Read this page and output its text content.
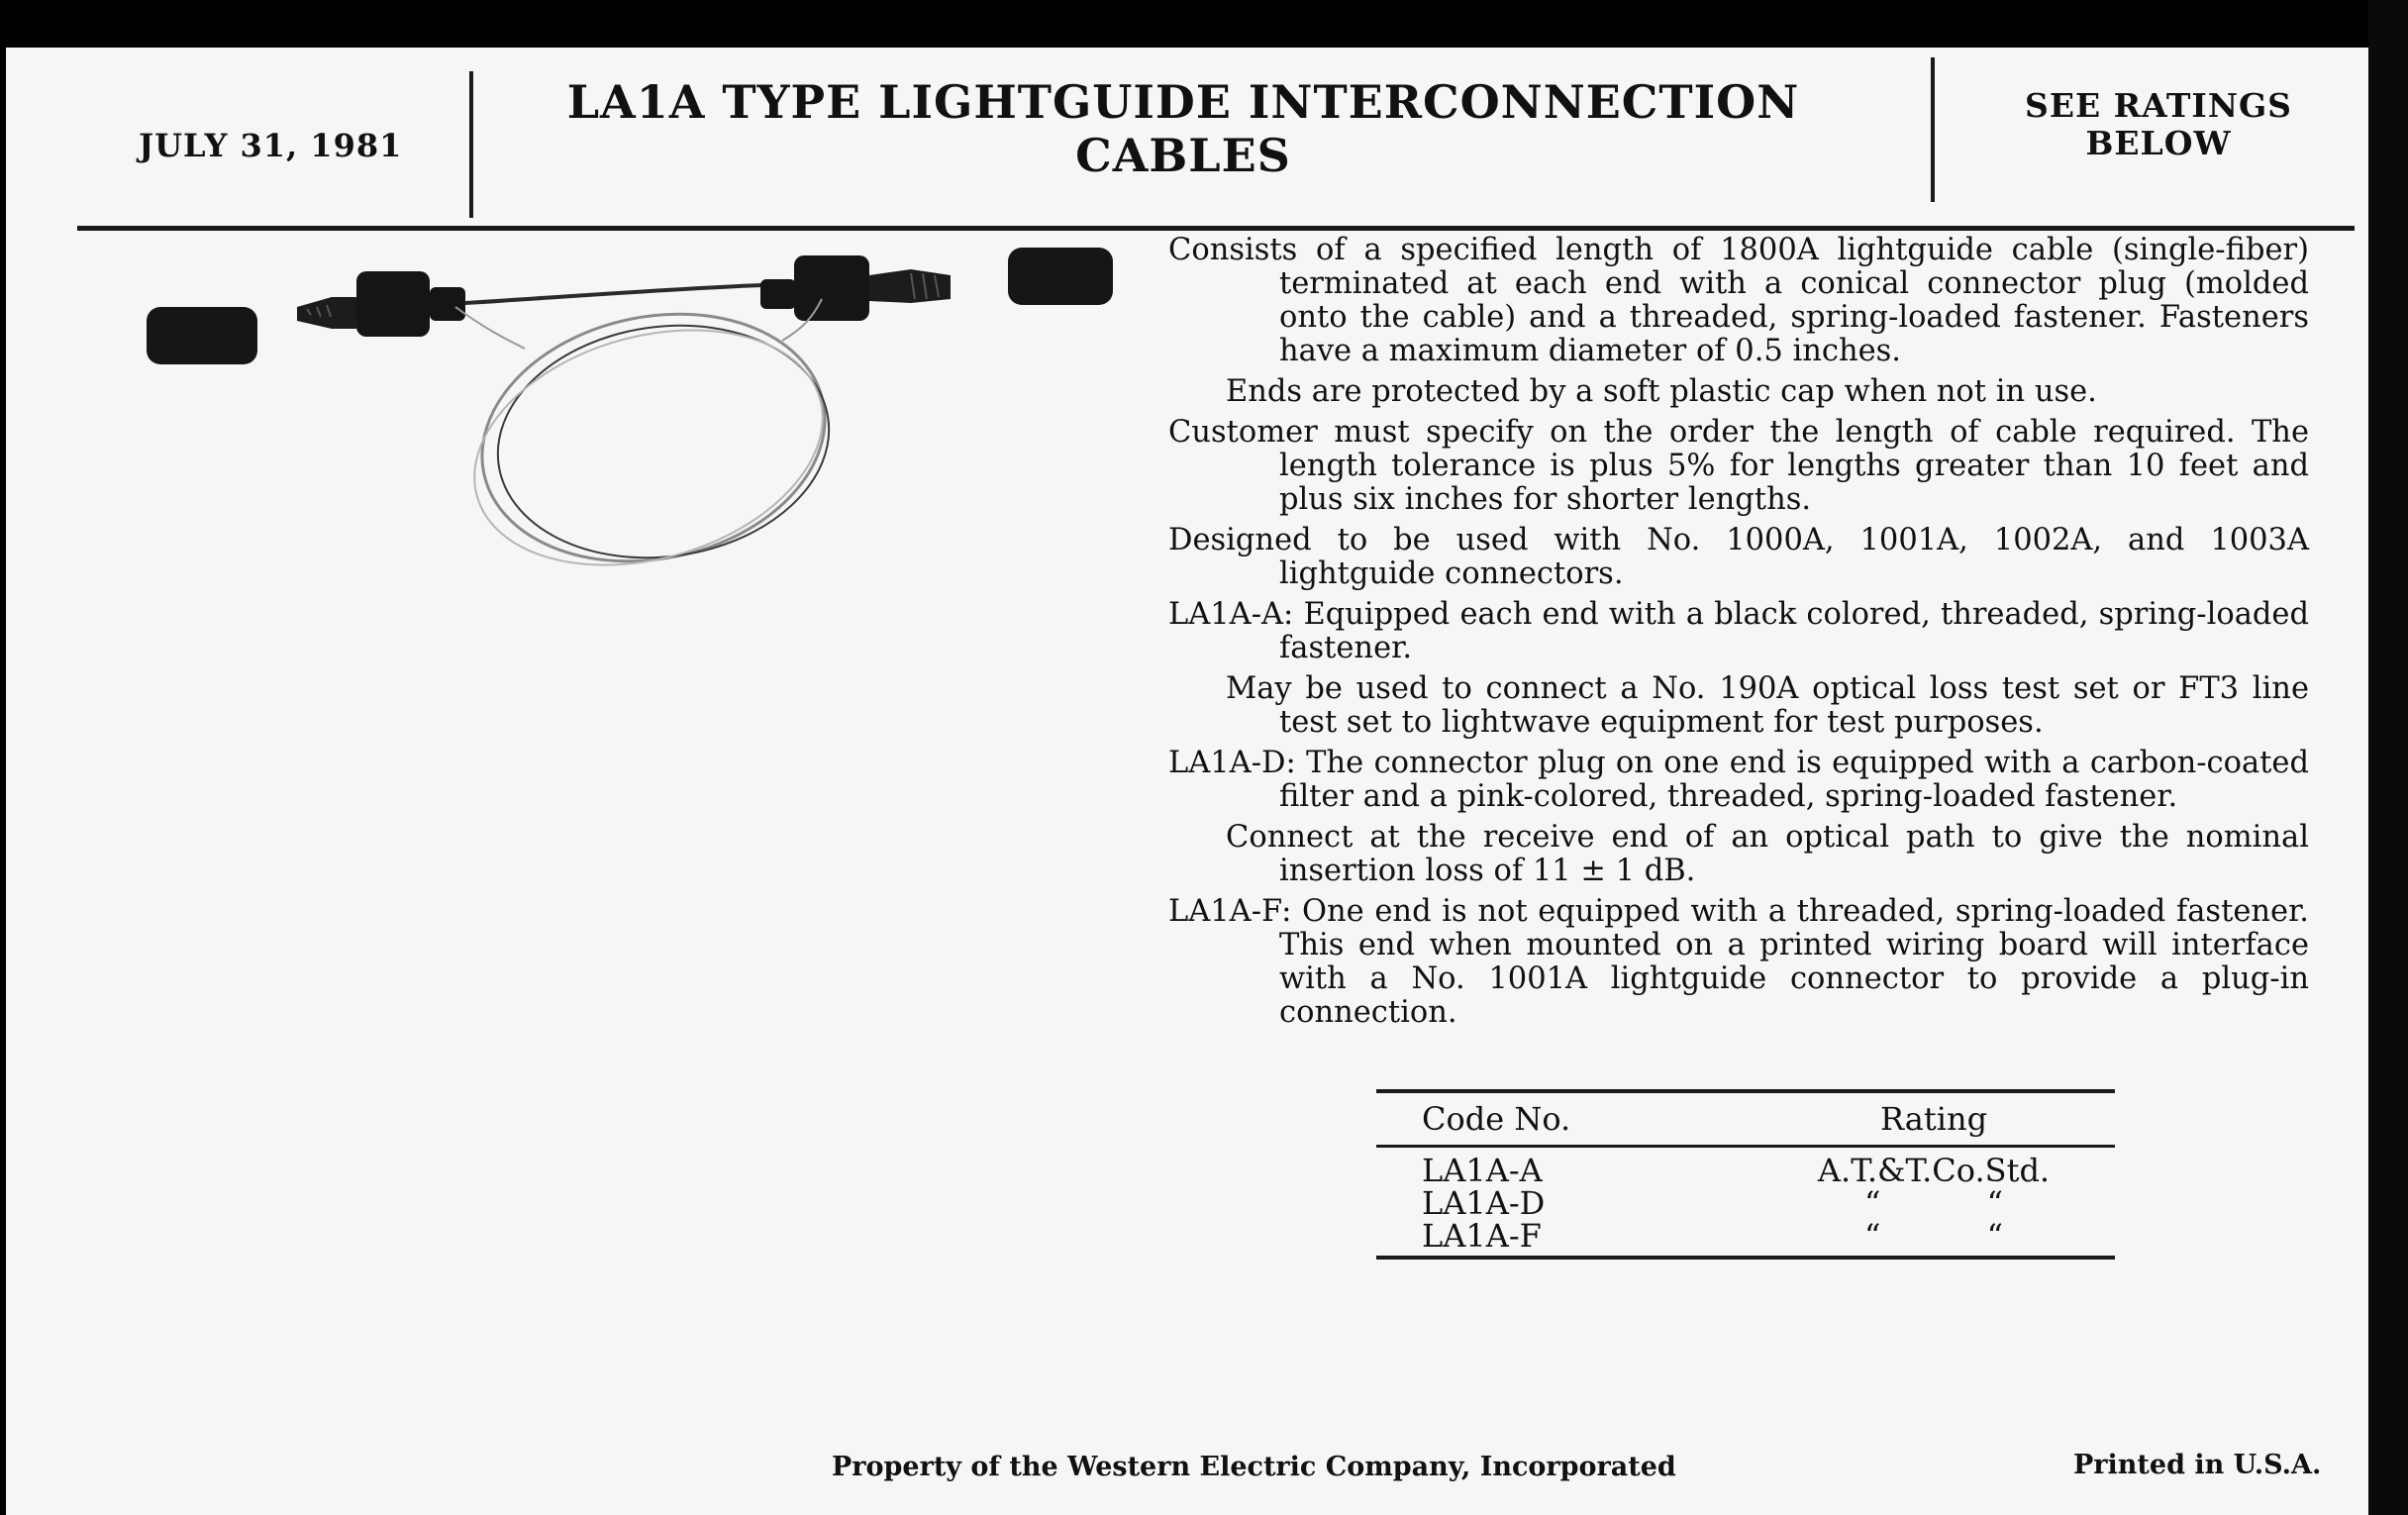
JULY 31, 1981
LA1A TYPE LIGHTGUIDE INTERCONNECTION CABLES
SEE RATINGS
BELOW

Consists of a specified length of 1800A lightguide cable (single-fiber) terminated at each end with a conical connector plug (molded onto the cable) and a threaded, spring-loaded fastener. Fasteners have a maximum diameter of 0.5 inches.

Ends are protected by a soft plastic cap when not in use.

Customer must specify on the order the length of cable required. The length tolerance is plus 5% for lengths greater than 10 feet and plus six inches for shorter lengths.

Designed to be used with No. 1000A, 1001A, 1002A, and 1003A lightguide connectors.

LA1A-A: Equipped each end with a black colored, threaded, spring-loaded fastener.

May be used to connect a No. 190A optical loss test set or FT3 line test set to lightwave equipment for test purposes.

LA1A-D: The connector plug on one end is equipped with a carbon-coated filter and a pink-colored, threaded, spring-loaded fastener.

Connect at the receive end of an optical path to give the nominal insertion loss of 11 ± 1 dB.

LA1A-F: One end is not equipped with a threaded, spring-loaded fastener. This end when mounted on a printed wiring board will interface with a No. 1001A lightguide connector to provide a plug-in connection.

Code No.	Rating
LA1A-A	A.T.&T.Co.Std.
LA1A-D	“	“
LA1A-F	“	“
Property of the Western Electric Company, Incorporated	Printed in U.S.A.
